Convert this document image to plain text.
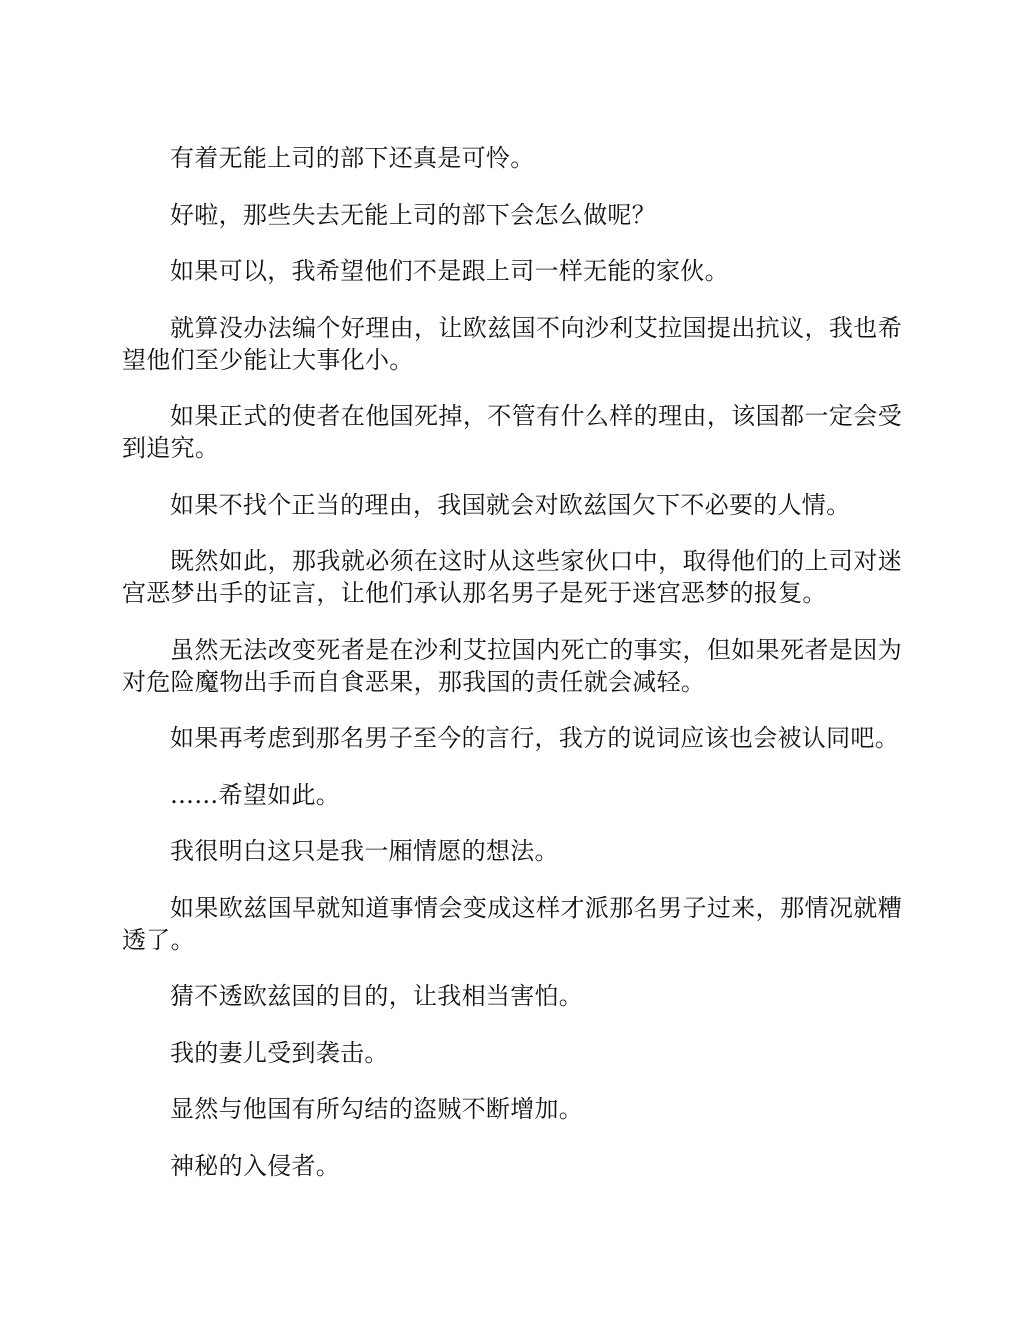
有着无能上司的部下还真是可怜。

好啦，那些失去无能上司的部下会怎么做呢？

如果可以，我希望他们不是跟上司一样无能的家伙。

就算没办法编个好理由，让欧兹国不向沙利艾拉国提出抗议，我也希望他们至少能让大事化小。

如果正式的使者在他国死掉，不管有什么样的理由，该国都一定会受到追究。

如果不找个正当的理由，我国就会对欧兹国欠下不必要的人情。

既然如此，那我就必须在这时从这些家伙口中，取得他们的上司对迷宫恶梦出手的证言，让他们承认那名男子是死于迷宫恶梦的报复。

虽然无法改变死者是在沙利艾拉国内死亡的事实，但如果死者是因为对危险魔物出手而自食恶果，那我国的责任就会减轻。

如果再考虑到那名男子至今的言行，我方的说词应该也会被认同吧。

……希望如此。

我很明白这只是我一厢情愿的想法。

如果欧兹国早就知道事情会变成这样才派那名男子过来，那情况就糟透了。

猜不透欧兹国的目的，让我相当害怕。

我的妻儿受到袭击。

显然与他国有所勾结的盗贼不断增加。

神秘的入侵者。
